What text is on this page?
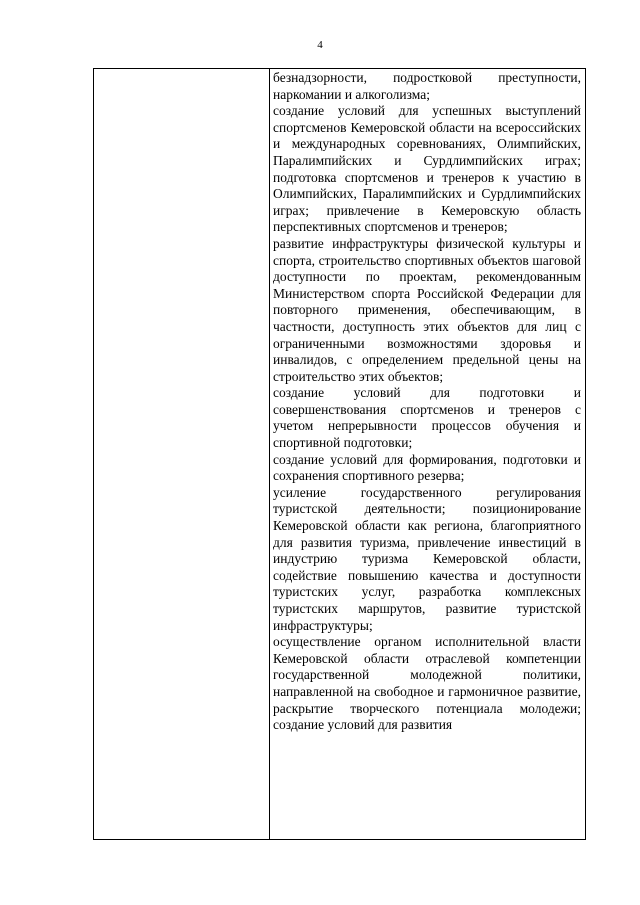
4

безнадзорности, подростковой преступности, наркомании и алкоголизма;

создание условий для успешных выступлений спортсменов Кемеровской области на всероссийских и международных соревнованиях, Олимпийских, Паралимпийских и Сурдлимпийских играх; подготовка спортсменов и тренеров к участию в Олимпийских, Паралимпийских и Сурдлимпийских играх; привлечение в Кемеровскую область перспективных спортсменов и тренеров;

развитие инфраструктуры физической культуры и спорта, строительство спортивных объектов шаговой доступности по проектам, рекомендованным Министерством спорта Российской Федерации для повторного применения, обеспечивающим, в частности, доступность этих объектов для лиц с ограниченными возможностями здоровья и инвалидов, с определением предельной цены на строительство этих объектов;

создание условий для подготовки и совершенствования спортсменов и тренеров с учетом непрерывности процессов обучения и спортивной подготовки;

создание условий для формирования, подготовки и сохранения спортивного резерва;

усиление государственного регулирования туристской деятельности; позиционирование Кемеровской области как региона, благоприятного для развития туризма, привлечение инвестиций в индустрию туризма Кемеровской области, содействие повышению качества и доступности туристских услуг, разработка комплексных туристских маршрутов, развитие туристской инфраструктуры;

осуществление органом исполнительной власти Кемеровской области отраслевой компетенции государственной молодежной политики, направленной на свободное и гармоничное развитие, раскрытие творческого потенциала молодежи; создание условий для развития
